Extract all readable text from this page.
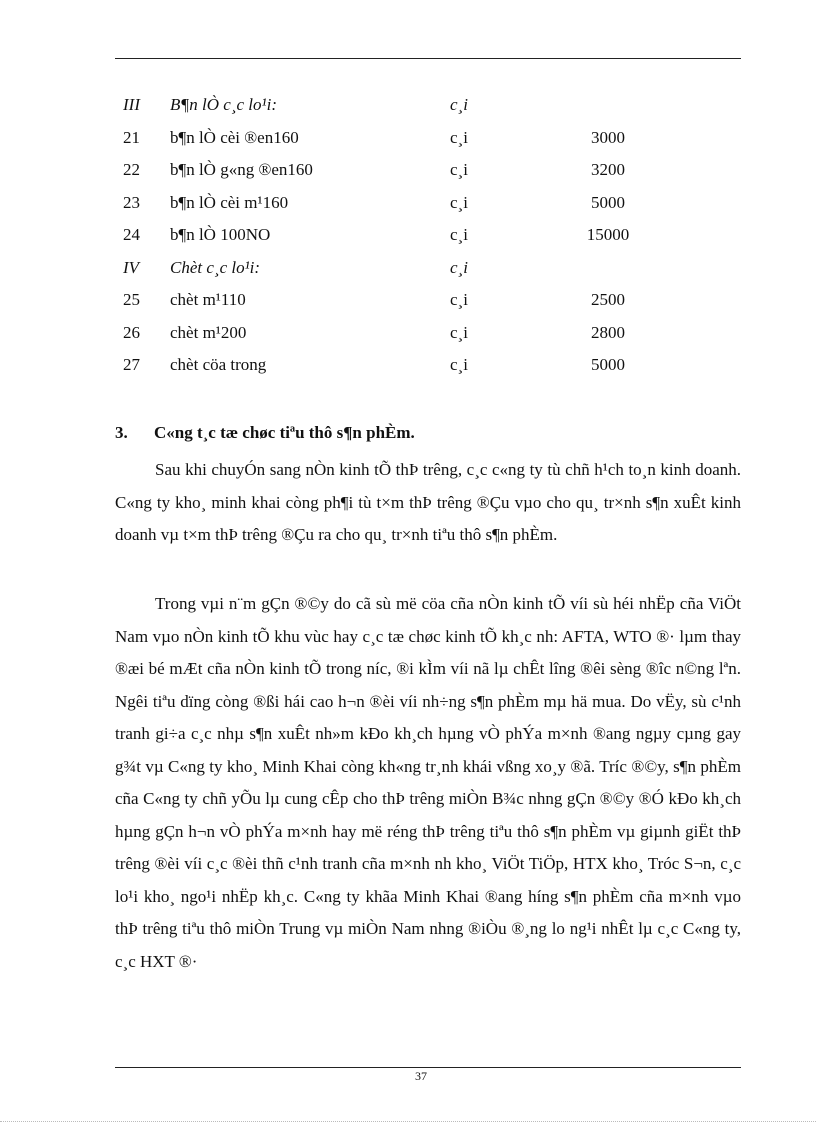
III	B¶n lÒ c¸c lo¹i:	c¸i	
21	b¶n lÒ cèi ®en160	c¸i	3000
22	b¶n lÒ g«ng ®en160	c¸i	3200
23	b¶n lÒ cèi m¹160	c¸i	5000
24	b¶n lÒ 100NO	c¸i	15000
IV	Chèt c¸c lo¹i:	c¸i	
25	chèt m¹110	c¸i	2500
26	chèt m¹200	c¸i	2800
27	chèt cöa trong	c¸i	5000
3. C«ng t¸c tæ chøc tiªu thô s¶n phÈm.
Sau khi chuyÓn sang nÒn kinh tÕ thÞ trêng, c¸c c«ng ty tù chñ h¹ch to¸n kinh doanh. C«ng ty kho¸ minh khai còng ph¶i tù t×m thÞ trêng ®Çu vµo cho qu¸ tr×nh s¶n xuÊt kinh doanh vµ t×m thÞ trêng ®Çu ra cho qu¸ tr×nh tiªu thô s¶n phÈm.
Trong vµi n¨m gÇn ®©y do cã sù më cöa cña nÒn kinh tÕ víi sù héi nhËp cña ViÖt Nam vµo nÒn kinh tÕ khu vùc hay c¸c tæ chøc kinh tÕ kh¸c nh: AFTA, WTO ®· lµm thay ®æi bé mÆt cña nÒn kinh tÕ trong níc, ®i kÌm víi nã lµ chÊt lîng ®êi sèng ®îc n©ng lªn. Ngêi tiªu dïng còng ®ßi hái cao h¬n ®èi víi nh÷ng s¶n phÈm mµ hä mua. Do vËy, sù c¹nh tranh gi÷a c¸c nhµ s¶n xuÊt nh»m kÐo kh¸ch hµng vÒ phÝa m×nh ®ang ngµy cµng gay g¾t vµ C«ng ty kho¸ Minh Khai còng kh«ng tr¸nh khái vßng xo¸y ®ã. Tríc ®©y, s¶n phÈm cña C«ng ty chñ yÕu lµ cung cÊp cho thÞ trêng miÒn B¾c nhng gÇn ®©y ®Ó kÐo kh¸ch hµng gÇn h¬n vÒ phÝa m×nh hay më réng thÞ trêng tiªu thô s¶n phÈm vµ giµnh giËt thÞ trêng ®èi víi c¸c ®èi thñ c¹nh tranh cña m×nh nh kho¸ ViÖt TiÖp, HTX kho¸ Tróc S¬n, c¸c lo¹i kho¸ ngo¹i nhËp kh¸c. C«ng ty khãa Minh Khai ®ang híng s¶n phÈm cña m×nh vµo thÞ trêng tiªu thô miÒn Trung vµ miÒn Nam nhng ®iÒu ®¸ng lo ng¹i nhÊt lµ c¸c C«ng ty, c¸c HXT ®·
37
